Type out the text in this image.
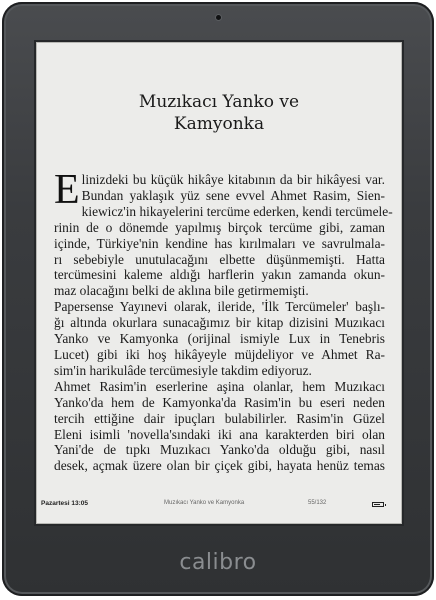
Muzıkacı Yanko ve
Kamyonka
E linizdeki bu küçük hikâye kitabının da bir hikâyesi var.
Bundan yaklaşık yüz sene evvel Ahmet Rasim, Sien-
kiewicz'in hikayelerini tercüme ederken, kendi tercümele-
rinin de o dönemde yapılmış birçok tercüme gibi, zaman
içinde, Türkiye'nin kendine has kırılmaları ve savrulmala-
rı sebebiyle unutulacağını elbette düşünmemişti. Hatta
tercümesini kaleme aldığı harflerin yakın zamanda okun-
maz olacağını belki de aklına bile getirmemişti.
Papersense Yayınevi olarak, ileride, 'İlk Tercümeler' başlı-
ğı altında okurlara sunacağımız bir kitap dizisini Muzıkacı
Yanko ve Kamyonka (orijinal ismiyle Lux in Tenebris
Lucet) gibi iki hoş hikâyeyle müjdeliyor ve Ahmet Ra-
sim'in harikulâde tercümesiyle takdim ediyoruz.
Ahmet Rasim'in eserlerine aşina olanlar, hem Muzıkacı
Yanko'da hem de Kamyonka'da Rasim'in bu eseri neden
tercih ettiğine dair ipuçları bulabilirler. Rasim'in Güzel
Eleni isimli 'novella'sındaki iki ana karakterden biri olan
Yani'de de tıpkı Muzıkacı Yanko'da olduğu gibi, nasıl
desek, açmak üzere olan bir çiçek gibi, hayata henüz temas
Pazartesi 13:05	Muzıkacı Yanko ve Kamyonka	55/132
calibro
